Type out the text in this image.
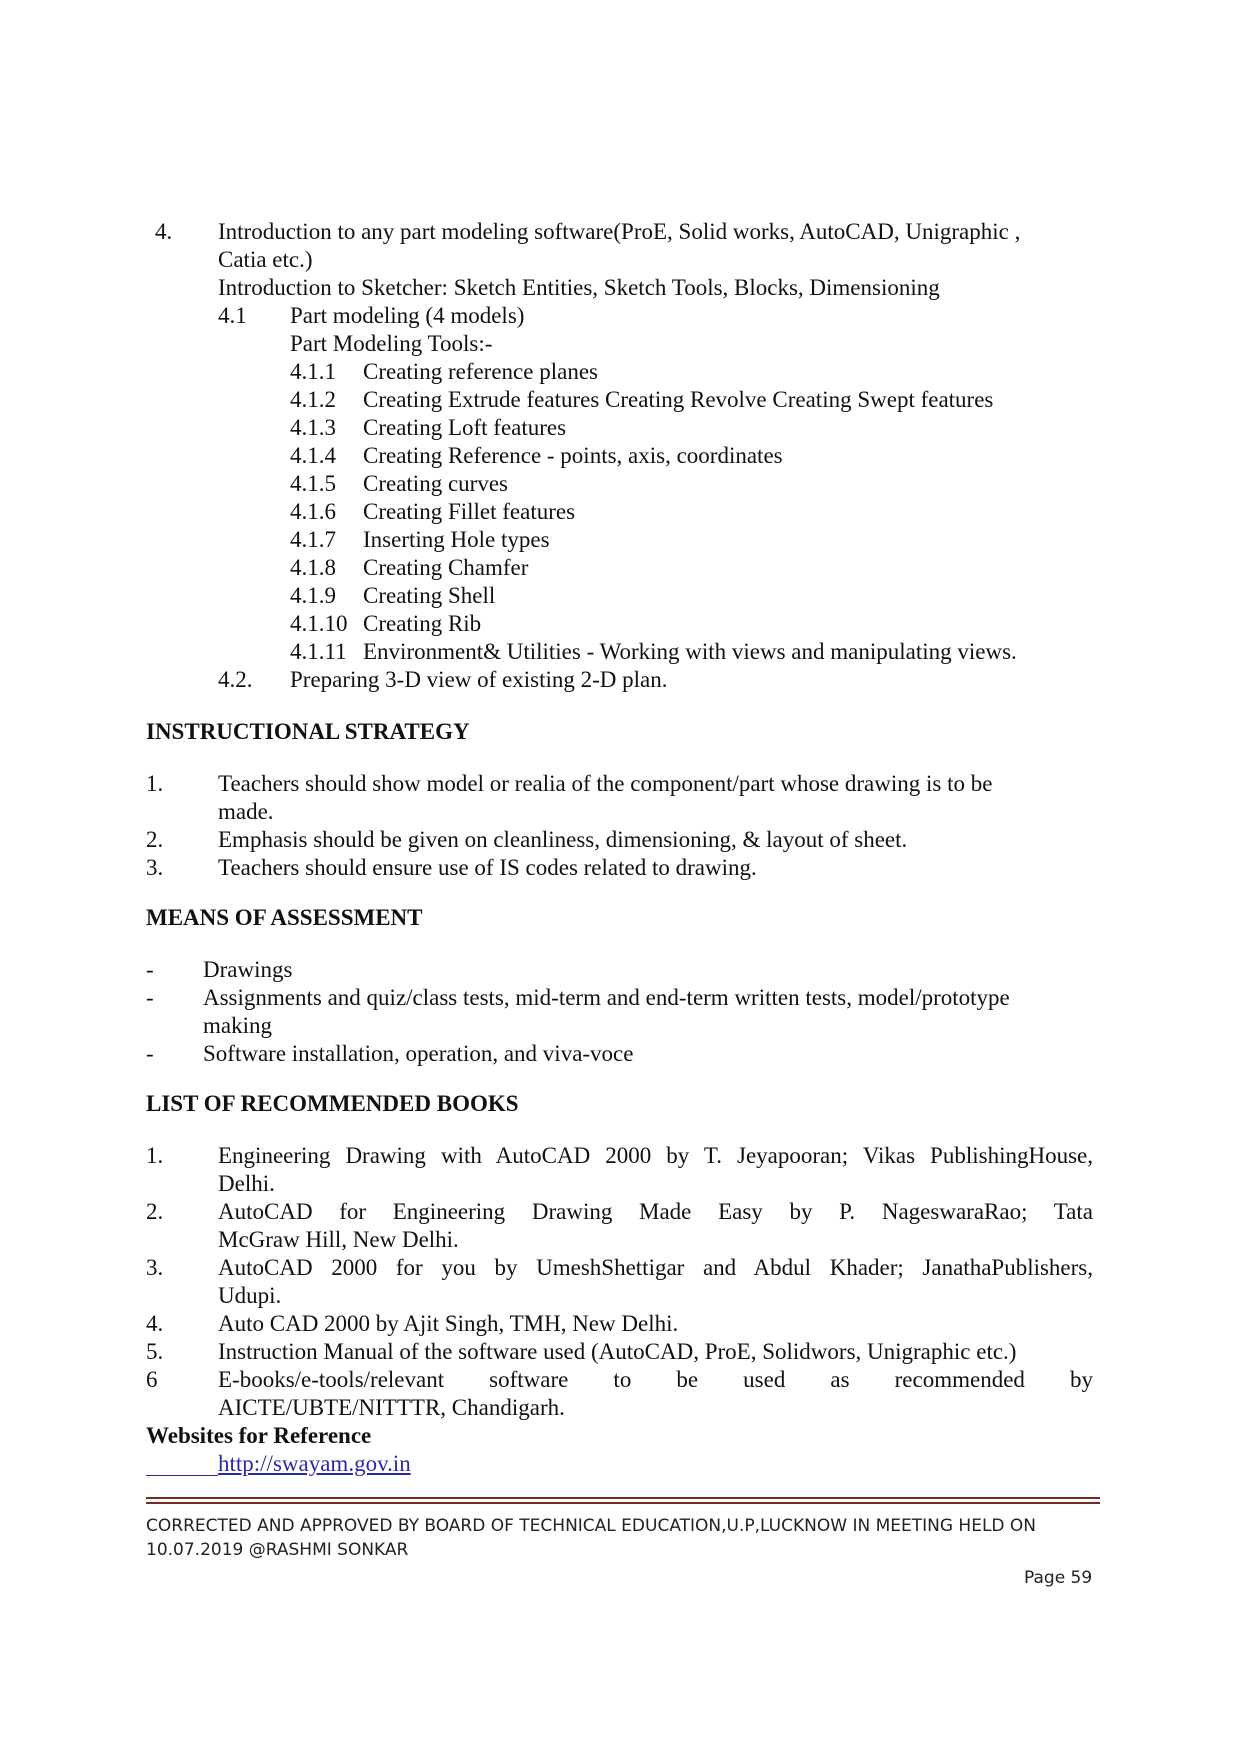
4. Introduction to any part modeling software(ProE, Solid works, AutoCAD, Unigraphic ,
Catia etc.)
Introduction to Sketcher: Sketch Entities, Sketch Tools, Blocks, Dimensioning
4.1 Part modeling (4 models)
Part Modeling Tools:-
4.1.1 Creating reference planes
4.1.2 Creating Extrude features Creating Revolve Creating Swept features
4.1.3 Creating Loft features
4.1.4 Creating Reference - points, axis, coordinates
4.1.5 Creating curves
4.1.6 Creating Fillet features
4.1.7 Inserting Hole types
4.1.8 Creating Chamfer
4.1.9 Creating Shell
4.1.10 Creating Rib
4.1.11 Environment& Utilities - Working with views and manipulating views.
4.2. Preparing 3-D view of existing 2-D plan.
INSTRUCTIONAL STRATEGY
1. Teachers should show model or realia of the component/part whose drawing is to be
made.
2. Emphasis should be given on cleanliness, dimensioning, & layout of sheet.
3. Teachers should ensure use of IS codes related to drawing.
MEANS OF ASSESSMENT
- Drawings
- Assignments and quiz/class tests, mid-term and end-term written tests, model/prototype
making
- Software installation, operation, and viva-voce
LIST OF RECOMMENDED BOOKS
1. Engineering Drawing with AutoCAD 2000 by T. Jeyapooran; Vikas PublishingHouse,
Delhi.
2. AutoCAD for Engineering Drawing Made Easy by P. NageswaraRao; Tata
McGraw Hill, New Delhi.
3. AutoCAD 2000 for you by UmeshShettigar and Abdul Khader; JanathaPublishers,
Udupi.
4. Auto CAD 2000 by Ajit Singh, TMH, New Delhi.
5. Instruction Manual of the software used (AutoCAD, ProE, Solidwors, Unigraphic etc.)
6	E-books/e-tools/relevant software to be used as recommended by
AICTE/UBTE/NITTTR, Chandigarh.
Websites for Reference
http://swayam.gov.in
CORRECTED AND APPROVED BY BOARD OF TECHNICAL EDUCATION,U.P,LUCKNOW IN MEETING HELD ON
10.07.2019 @RASHMI SONKAR
Page 59
